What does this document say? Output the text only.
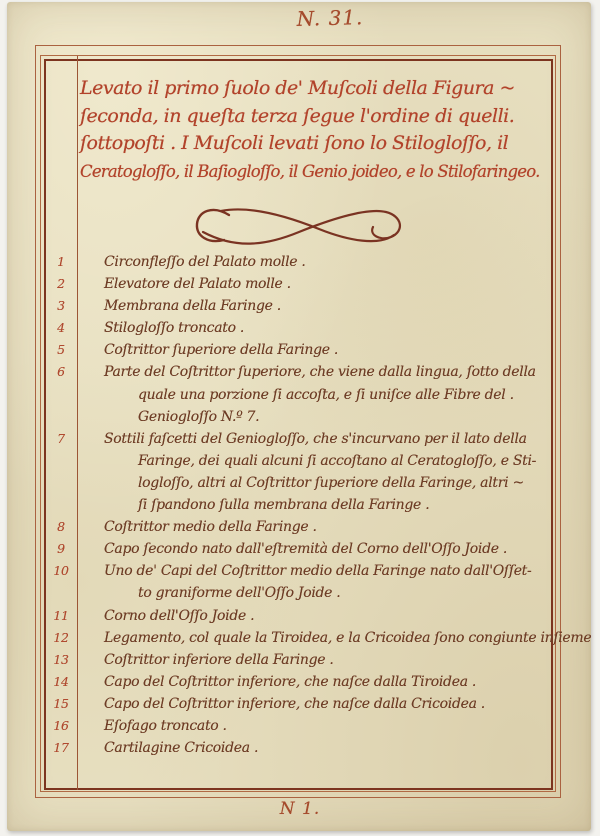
N. 31.
Levato il primo ſuolo de' Muſcoli della Figura ~
ſeconda, in queſta terza ſegue l'ordine di quelli.
ſottopoſti . I Muſcoli levati ſono lo Stilogloſſo, il
Ceratogloſſo, il Baſiogloſſo, il Genio joideo, e lo Stilofaringeo.
1	Circonfleſſo del Palato molle .
2	Elevatore del Palato molle .
3	Membrana della Faringe .
4	Stilogloſſo troncato .
5	Coſtrittor ſuperiore della Faringe .
6	Parte del Coſtrittor ſuperiore, che viene dalla lingua, ſotto della
quale una porzione ſi accoſta, e ſi uniſce alle Fibre del .
Geniogloſſo N.º 7.
7	Sottili faſcetti del Geniogloſſo, che s'incurvano per il lato della
Faringe, dei quali alcuni ſi accoſtano al Ceratogloſſo, e Sti-
logloſſo, altri al Coſtrittor ſuperiore della Faringe, altri ~
ſi ſpandono ſulla membrana della Faringe .
8	Coſtrittor medio della Faringe .
9	Capo ſecondo nato dall'eſtremità del Corno dell'Oſſo Joide .
10	Uno de' Capi del Coſtrittor medio della Faringe nato dall'Oſſet-
to graniforme dell'Oſſo Joide .
11	Corno dell'Oſſo Joide .
12	Legamento, col quale la Tiroidea, e la Cricoidea ſono congiunte inſieme
13	Coſtrittor inferiore della Faringe .
14	Capo del Coſtrittor inferiore, che naſce dalla Tiroidea .
15	Capo del Coſtrittor inferiore, che naſce dalla Cricoidea .
16	Eſofago troncato .
17	Cartilagine Cricoidea .
N 1.
